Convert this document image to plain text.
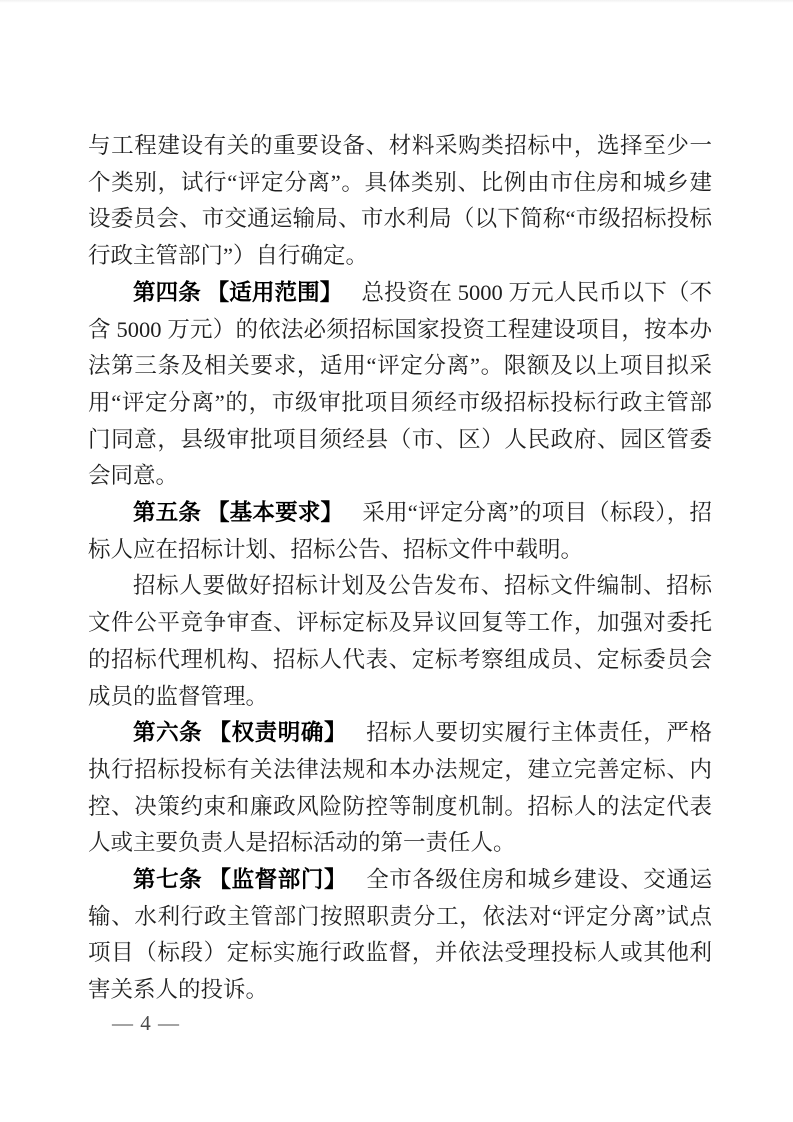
与工程建设有关的重要设备、材料采购类招标中，选择至少一个类别，试行“评定分离”。具体类别、比例由市住房和城乡建设委员会、市交通运输局、市水利局（以下简称“市级招标投标行政主管部门”）自行确定。

第四条 【适用范围】 总投资在 5000 万元人民币以下（不含 5000 万元）的依法必须招标国家投资工程建设项目，按本办法第三条及相关要求，适用“评定分离”。限额及以上项目拟采用“评定分离”的，市级审批项目须经市级招标投标行政主管部门同意，县级审批项目须经县（市、区）人民政府、园区管委会同意。

第五条 【基本要求】 采用“评定分离”的项目（标段），招标人应在招标计划、招标公告、招标文件中载明。

招标人要做好招标计划及公告发布、招标文件编制、招标文件公平竞争审查、评标定标及异议回复等工作，加强对委托的招标代理机构、招标人代表、定标考察组成员、定标委员会成员的监督管理。

第六条 【权责明确】 招标人要切实履行主体责任，严格执行招标投标有关法律法规和本办法规定，建立完善定标、内控、决策约束和廉政风险防控等制度机制。招标人的法定代表人或主要负责人是招标活动的第一责任人。

第七条 【监督部门】 全市各级住房和城乡建设、交通运输、水利行政主管部门按照职责分工，依法对“评定分离”试点项目（标段）定标实施行政监督，并依法受理投标人或其他利害关系人的投诉。

— 4 —
